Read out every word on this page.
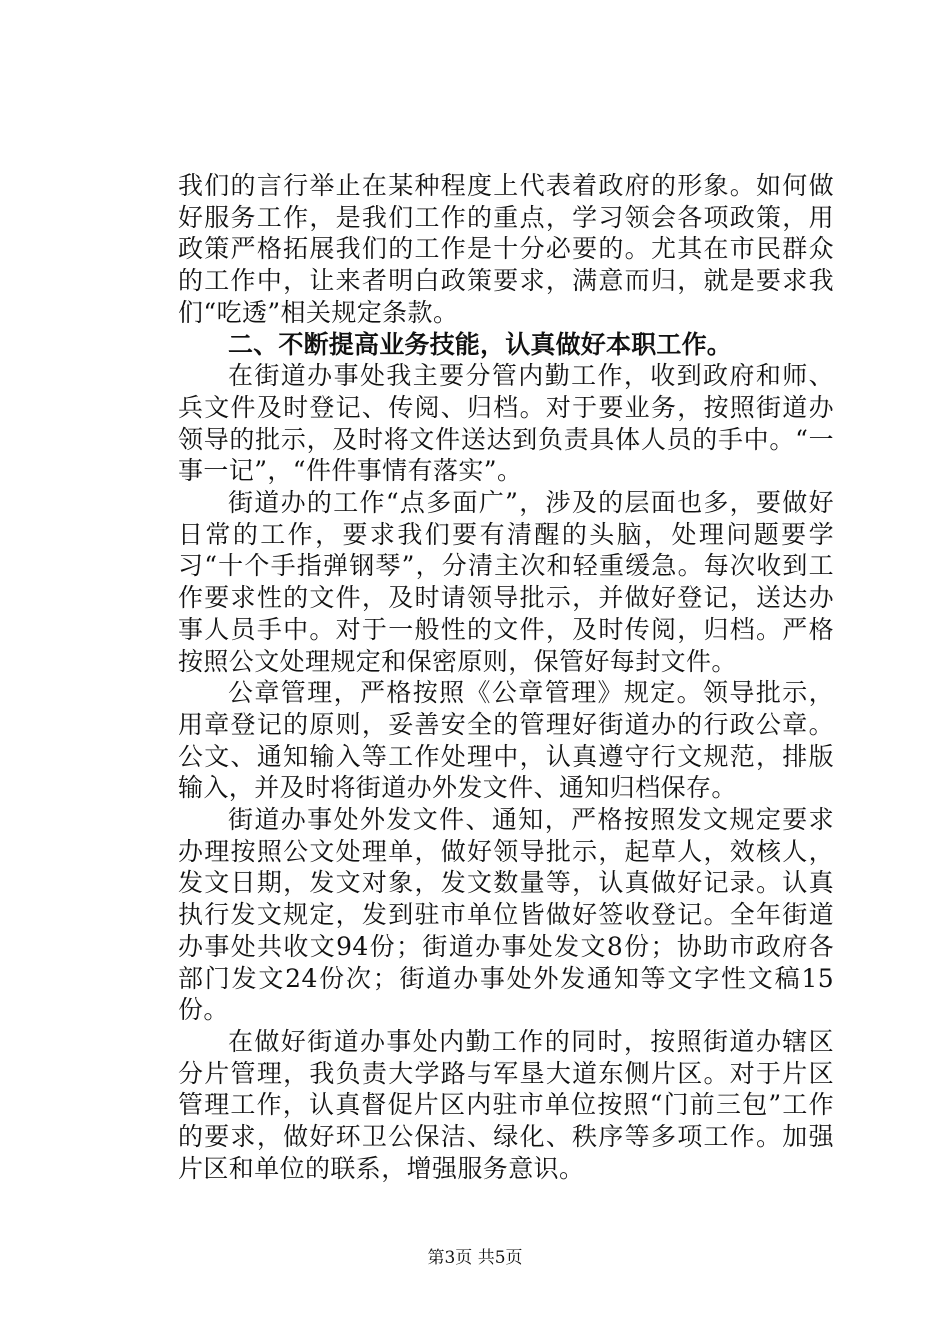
我们的言行举止在某种程度上代表着政府的形象。如何做好服务工作，是我们工作的重点，学习领会各项政策，用政策严格拓展我们的工作是十分必要的。尤其在市民群众的工作中，让来者明白政策要求，满意而归，就是要求我们“吃透”相关规定条款。

二、不断提高业务技能，认真做好本职工作。

在街道办事处我主要分管内勤工作，收到政府和师、兵文件及时登记、传阅、归档。对于要业务，按照街道办领导的批示，及时将文件送达到负责具体人员的手中。“一事一记”，“件件事情有落实”。

街道办的工作“点多面广”，涉及的层面也多，要做好日常的工作，要求我们要有清醒的头脑，处理问题要学习“十个手指弹钢琴”，分清主次和轻重缓急。每次收到工作要求性的文件，及时请领导批示，并做好登记，送达办事人员手中。对于一般性的文件，及时传阅，归档。严格按照公文处理规定和保密原则，保管好每封文件。

公章管理，严格按照《公章管理》规定。领导批示，用章登记的原则，妥善安全的管理好街道办的行政公章。公文、通知输入等工作处理中，认真遵守行文规范，排版输入，并及时将街道办外发文件、通知归档保存。

街道办事处外发文件、通知，严格按照发文规定要求办理按照公文处理单，做好领导批示，起草人，效核人，发文日期，发文对象，发文数量等，认真做好记录。认真执行发文规定，发到驻市单位皆做好签收登记。全年街道办事处共收文94份；街道办事处发文8份；协助市政府各部门发文24份次；街道办事处外发通知等文字性文稿15份。

在做好街道办事处内勤工作的同时，按照街道办辖区分片管理，我负责大学路与军垦大道东侧片区。对于片区管理工作，认真督促片区内驻市单位按照“门前三包”工作的要求，做好环卫公保洁、绿化、秩序等多项工作。加强片区和单位的联系，增强服务意识。

第3页 共5页
